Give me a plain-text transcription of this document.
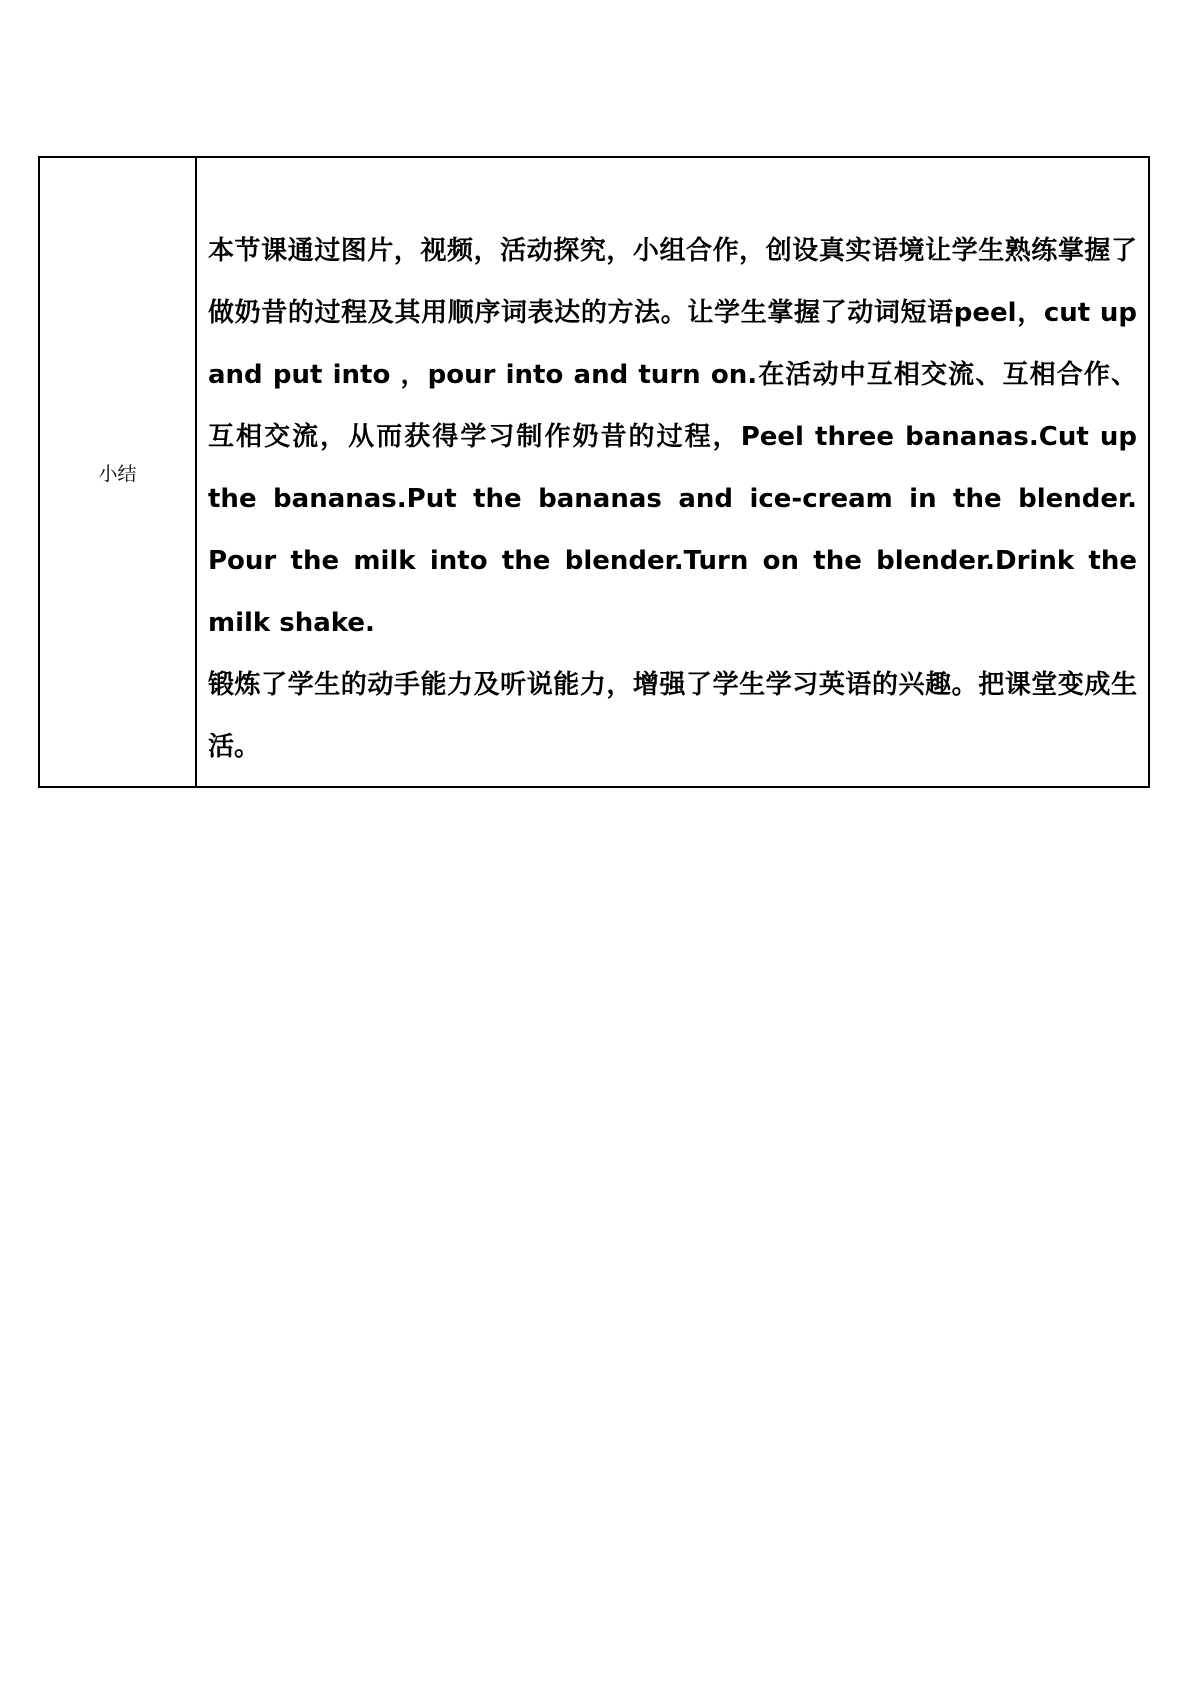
小结	

本节课通过图片，视频，活动探究，小组合作，创设真实语境让学生熟练掌握了做奶昔的过程及其用顺序词表达的方法。让学生掌握了动词短语peel，cut up and put into ，pour into and turn on.在活动中互相交流、互相合作、互相交流，从而获得学习制作奶昔的过程，Peel three bananas.Cut up the bananas.Put the bananas and ice-cream in the blender. Pour the milk into the blender.Turn on the blender.Drink the milk shake.

锻炼了学生的动手能力及听说能力，增强了学生学习英语的兴趣。把课堂变成生活。
